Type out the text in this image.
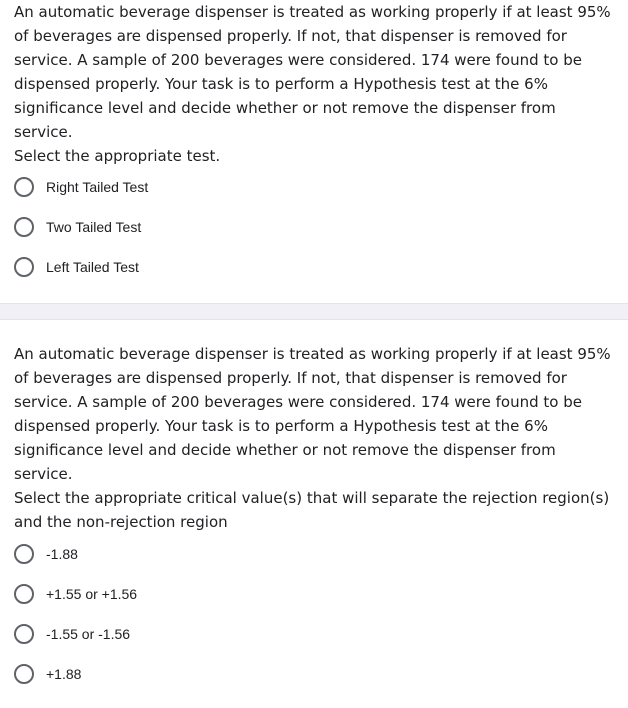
An automatic beverage dispenser is treated as working properly if at least 95%
of beverages are dispensed properly. If not, that dispenser is removed for
service. A sample of 200 beverages were considered. 174 were found to be
dispensed properly. Your task is to perform a Hypothesis test at the 6%
significance level and decide whether or not remove the dispenser from service.
Select the appropriate test.

Right Tailed Test
Two Tailed Test
Left Tailed Test

An automatic beverage dispenser is treated as working properly if at least 95%
of beverages are dispensed properly. If not, that dispenser is removed for
service. A sample of 200 beverages were considered. 174 were found to be
dispensed properly. Your task is to perform a Hypothesis test at the 6%
significance level and decide whether or not remove the dispenser from service.
Select the appropriate critical value(s) that will separate the rejection region(s)
and the non-rejection region

-1.88
+1.55 or +1.56
-1.55 or -1.56
+1.88
